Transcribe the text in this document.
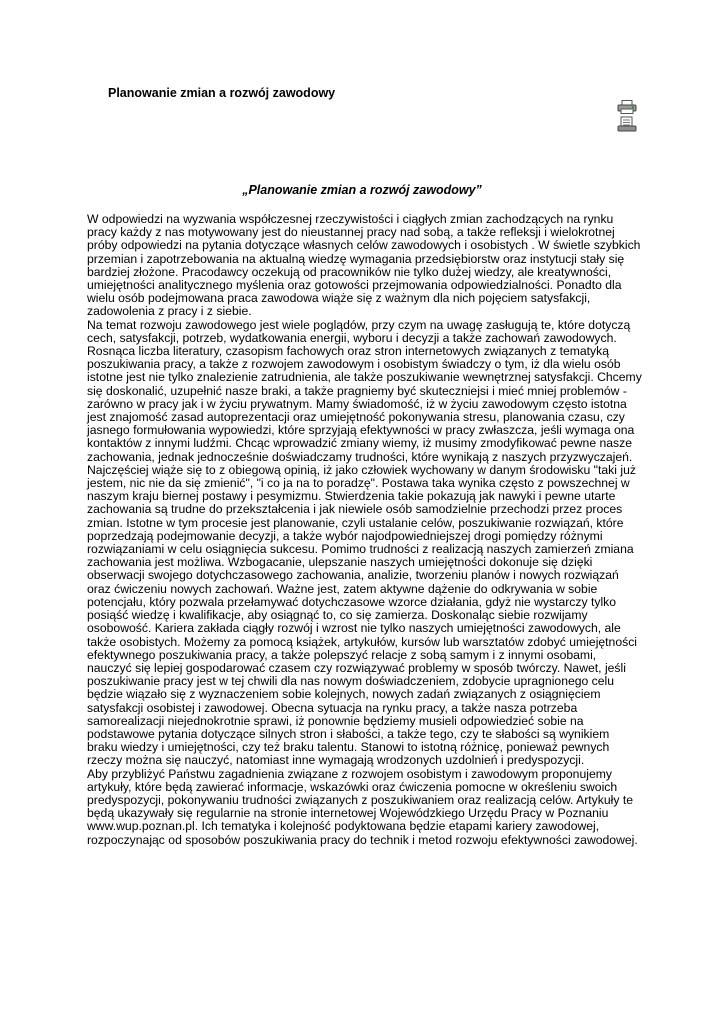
Planowanie zmian a rozwój zawodowy
„Planowanie zmian a rozwój zawodowy”

W odpowiedzi na wyzwania współczesnej rzeczywistości i ciągłych zmian zachodzących na rynku pracy każdy z nas motywowany jest do nieustannej pracy nad sobą, a także refleksji i wielokrotnej próby odpowiedzi na pytania dotyczące własnych celów zawodowych i osobistych . W świetle szybkich przemian i zapotrzebowania na aktualną wiedzę wymagania przedsiębiorstw oraz instytucji stały się bardziej złożone. Pracodawcy oczekują od pracowników nie tylko dużej wiedzy, ale kreatywności, umiejętności analitycznego myślenia oraz gotowości przejmowania odpowiedzialności. Ponadto dla wielu osób podejmowana praca zawodowa wiąże się z ważnym dla nich pojęciem satysfakcji, zadowolenia z pracy i z siebie.

Na temat rozwoju zawodowego jest wiele poglądów, przy czym na uwagę zasługują te, które dotyczą cech, satysfakcji, potrzeb, wydatkowania energii, wyboru i decyzji a także zachowań zawodowych. Rosnąca liczba literatury, czasopism fachowych oraz stron internetowych związanych z tematyką poszukiwania pracy, a także z rozwojem zawodowym i osobistym świadczy o tym, iż dla wielu osób istotne jest nie tylko znalezienie zatrudnienia, ale także poszukiwanie wewnętrznej satysfakcji. Chcemy się doskonalić, uzupełnić nasze braki, a także pragniemy być skuteczniejsi i mieć mniej problemów - zarówno w pracy jak i w życiu prywatnym. Mamy świadomość, iż w życiu zawodowym często istotna jest znajomość zasad autoprezentacji oraz umiejętność pokonywania stresu, planowania czasu, czy jasnego formułowania wypowiedzi, które sprzyjają efektywności w pracy zwłaszcza, jeśli wymaga ona kontaktów z innymi ludźmi. Chcąc wprowadzić zmiany wiemy, iż musimy zmodyfikować pewne nasze zachowania, jednak jednocześnie doświadczamy trudności, które wynikają z naszych przyzwyczajeń. Najczęściej wiąże się to z obiegową opinią, iż jako człowiek wychowany w danym środowisku "taki już jestem, nic nie da się zmienić", "i co ja na to poradzę". Postawa taka wynika często z powszechnej w naszym kraju biernej postawy i pesymizmu. Stwierdzenia takie pokazują jak nawyki i pewne utarte zachowania są trudne do przekształcenia i jak niewiele osób samodzielnie przechodzi przez proces zmian. Istotne w tym procesie jest planowanie, czyli ustalanie celów, poszukiwanie rozwiązań, które poprzedzają podejmowanie decyzji, a także wybór najodpowiedniejszej drogi pomiędzy różnymi rozwiązaniami w celu osiągnięcia sukcesu. Pomimo trudności z realizacją naszych zamierzeń zmiana zachowania jest możliwa. Wzbogacanie, ulepszanie naszych umiejętności dokonuje się dzięki obserwacji swojego dotychczasowego zachowania, analizie, tworzeniu planów i nowych rozwiązań oraz ćwiczeniu nowych zachowań. Ważne jest, zatem aktywne dążenie do odkrywania w sobie potencjału, który pozwala przełamywać dotychczasowe wzorce działania, gdyż nie wystarczy tylko posiąść wiedzę i kwalifikacje, aby osiągnąć to, co się zamierza. Doskonaląc siebie rozwijamy osobowość. Kariera zakłada ciągły rozwój i wzrost nie tylko naszych umiejętności zawodowych, ale także osobistych. Możemy za pomocą książek, artykułów, kursów lub warsztatów zdobyć umiejętności efektywnego poszukiwania pracy, a także polepszyć relacje z sobą samym i z innymi osobami, nauczyć się lepiej gospodarować czasem czy rozwiązywać problemy w sposób twórczy. Nawet, jeśli poszukiwanie pracy jest w tej chwili dla nas nowym doświadczeniem, zdobycie upragnionego celu będzie wiązało się z wyznaczeniem sobie kolejnych, nowych zadań związanych z osiągnięciem satysfakcji osobistej i zawodowej. Obecna sytuacja na rynku pracy, a także nasza potrzeba samorealizacji niejednokrotnie sprawi, iż ponownie będziemy musieli odpowiedzieć sobie na podstawowe pytania dotyczące silnych stron i słabości, a także tego, czy te słabości są wynikiem braku wiedzy i umiejętności, czy też braku talentu. Stanowi to istotną różnicę, ponieważ pewnych rzeczy można się nauczyć, natomiast inne wymagają wrodzonych uzdolnień i predyspozycji.

Aby przybliżyć Państwu zagadnienia związane z rozwojem osobistym i zawodowym proponujemy artykuły, które będą zawierać informacje, wskazówki oraz ćwiczenia pomocne w określeniu swoich predyspozycji, pokonywaniu trudności związanych z poszukiwaniem oraz realizacją celów. Artykuły te będą ukazywały się regularnie na stronie internetowej Wojewódzkiego Urzędu Pracy w Poznaniu www.wup.poznan.pl. Ich tematyka i kolejność podyktowana będzie etapami kariery zawodowej, rozpoczynając od sposobów poszukiwania pracy do technik i metod rozwoju efektywności zawodowej.
